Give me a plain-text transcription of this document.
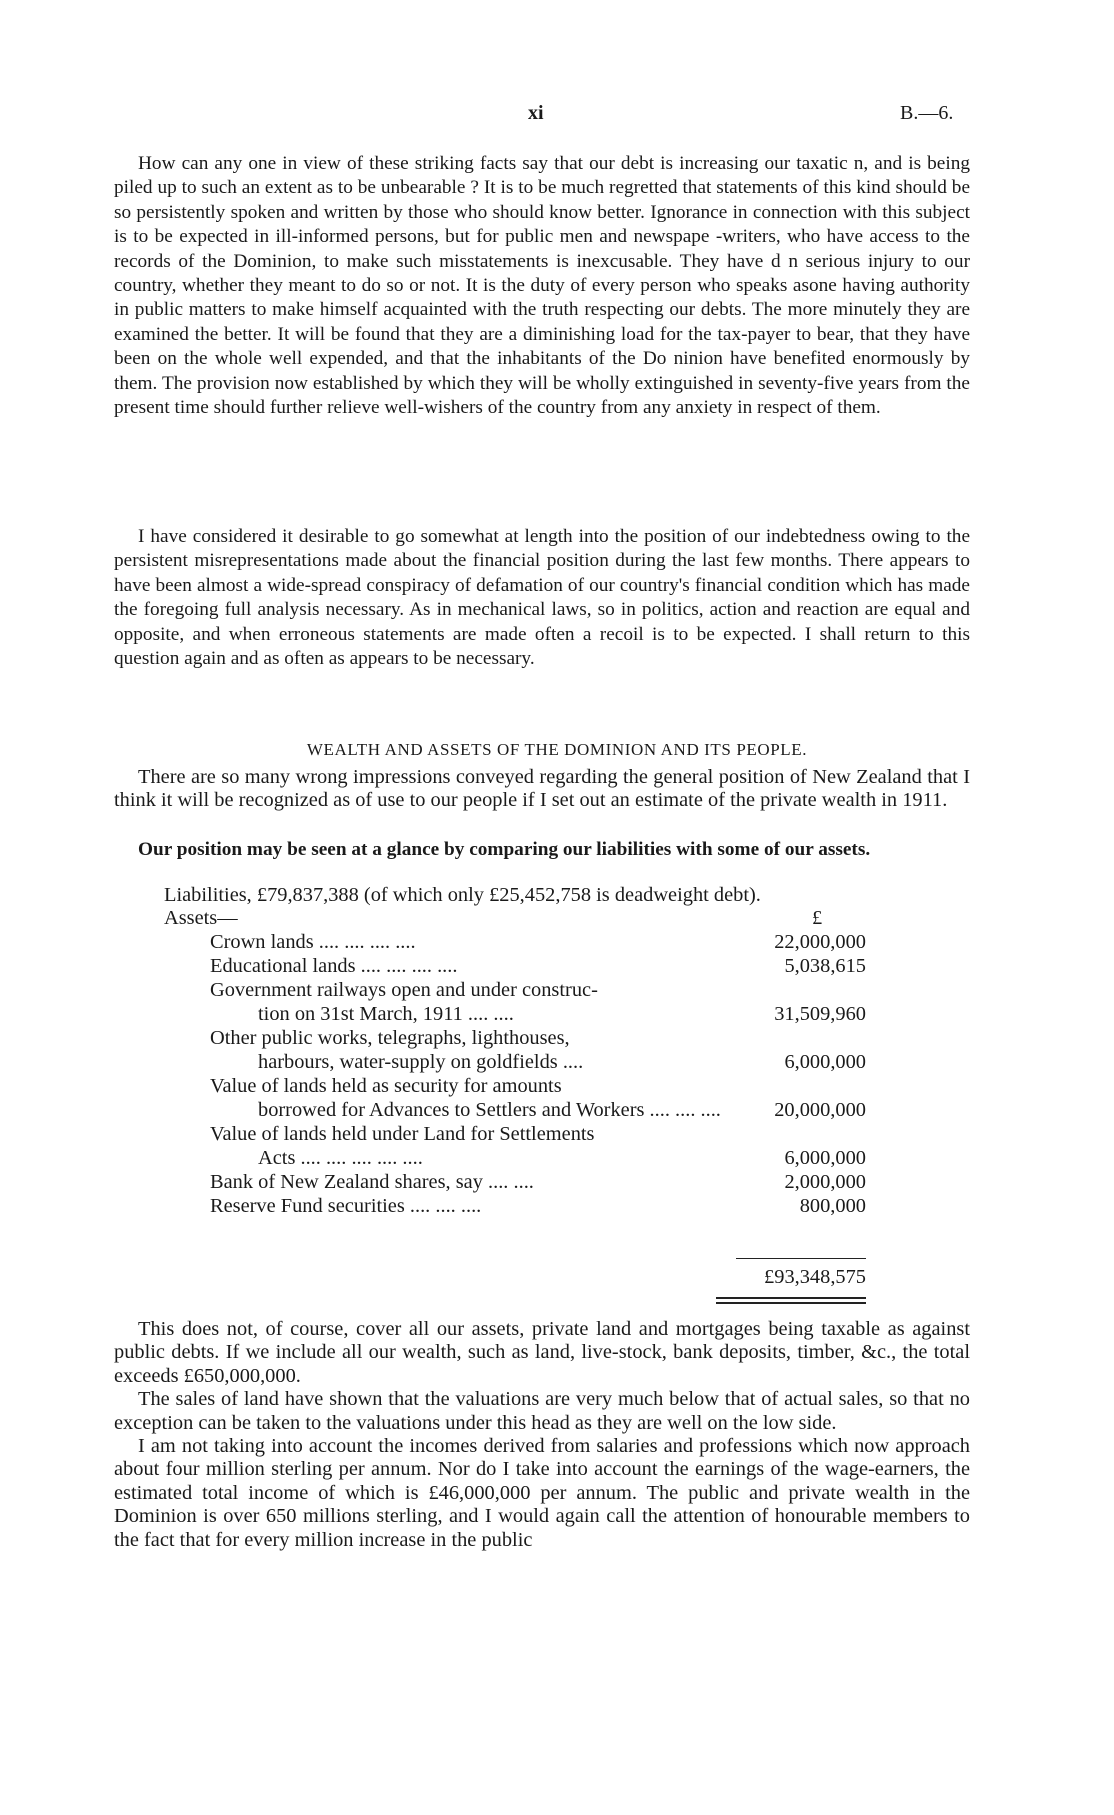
xi	B.—6.

How can any one in view of these striking facts say that our debt is increasing our taxatic n, and is being piled up to such an extent as to be unbearable ? It is to be much regretted that statements of this kind should be so persistently spoken and written by those who should know better. Ignorance in connection with this subject is to be expected in ill-informed persons, but for public men and newspape -writers, who have access to the records of the Dominion, to make such misstatements is inexcusable. They have d n serious injury to our country, whether they meant to do so or not. It is the duty of every person who speaks asone having authority in public matters to make himself acquainted with the truth respecting our debts. The more minutely they are examined the better. It will be found that they are a diminishing load for the tax-payer to bear, that they have been on the whole well expended, and that the inhabitants of the Do ninion have benefited enormously by them. The provision now established by which they will be wholly extinguished in seventy-five years from the present time should further relieve well-wishers of the country from any anxiety in respect of them.

I have considered it desirable to go somewhat at length into the position of our indebtedness owing to the persistent misrepresentations made about the financial position during the last few months. There appears to have been almost a wide-spread conspiracy of defamation of our country's financial condition which has made the foregoing full analysis necessary. As in mechanical laws, so in politics, action and reaction are equal and opposite, and when erroneous statements are made often a recoil is to be expected. I shall return to this question again and as often as appears to be necessary.

WEALTH AND ASSETS OF THE DOMINION AND ITS PEOPLE.

There are so many wrong impressions conveyed regarding the general position of New Zealand that I think it will be recognized as of use to our people if I set out an estimate of the private wealth in 1911.

Our position may be seen at a glance by comparing our liabilities with some of our assets.

Liabilities, £79,837,388 (of which only £25,452,758 is deadweight debt).
Assets—	£
Crown lands .... .... .... ....	22,000,000
Educational lands .... .... .... ....	5,038,615
Government railways open and under construc-
tion on 31st March, 1911 .... ....	31,509,960
Other public works, telegraphs, lighthouses,
harbours, water-supply on goldfields ....	6,000,000
Value of lands held as security for amounts
borrowed for Advances to Settlers and Workers .... .... ....	20,000,000
Value of lands held under Land for Settlements
Acts .... .... .... .... ....	6,000,000
Bank of New Zealand shares, say .... ....	2,000,000
Reserve Fund securities .... .... ....	800,000
£93,348,575

This does not, of course, cover all our assets, private land and mortgages being taxable as against public debts. If we include all our wealth, such as land, live-stock, bank deposits, timber, &c., the total exceeds £650,000,000.

The sales of land have shown that the valuations are very much below that of actual sales, so that no exception can be taken to the valuations under this head as they are well on the low side.

I am not taking into account the incomes derived from salaries and professions which now approach about four million sterling per annum. Nor do I take into account the earnings of the wage-earners, the estimated total income of which is £46,000,000 per annum. The public and private wealth in the Dominion is over 650 millions sterling, and I would again call the attention of honourable members to the fact that for every million increase in the public
